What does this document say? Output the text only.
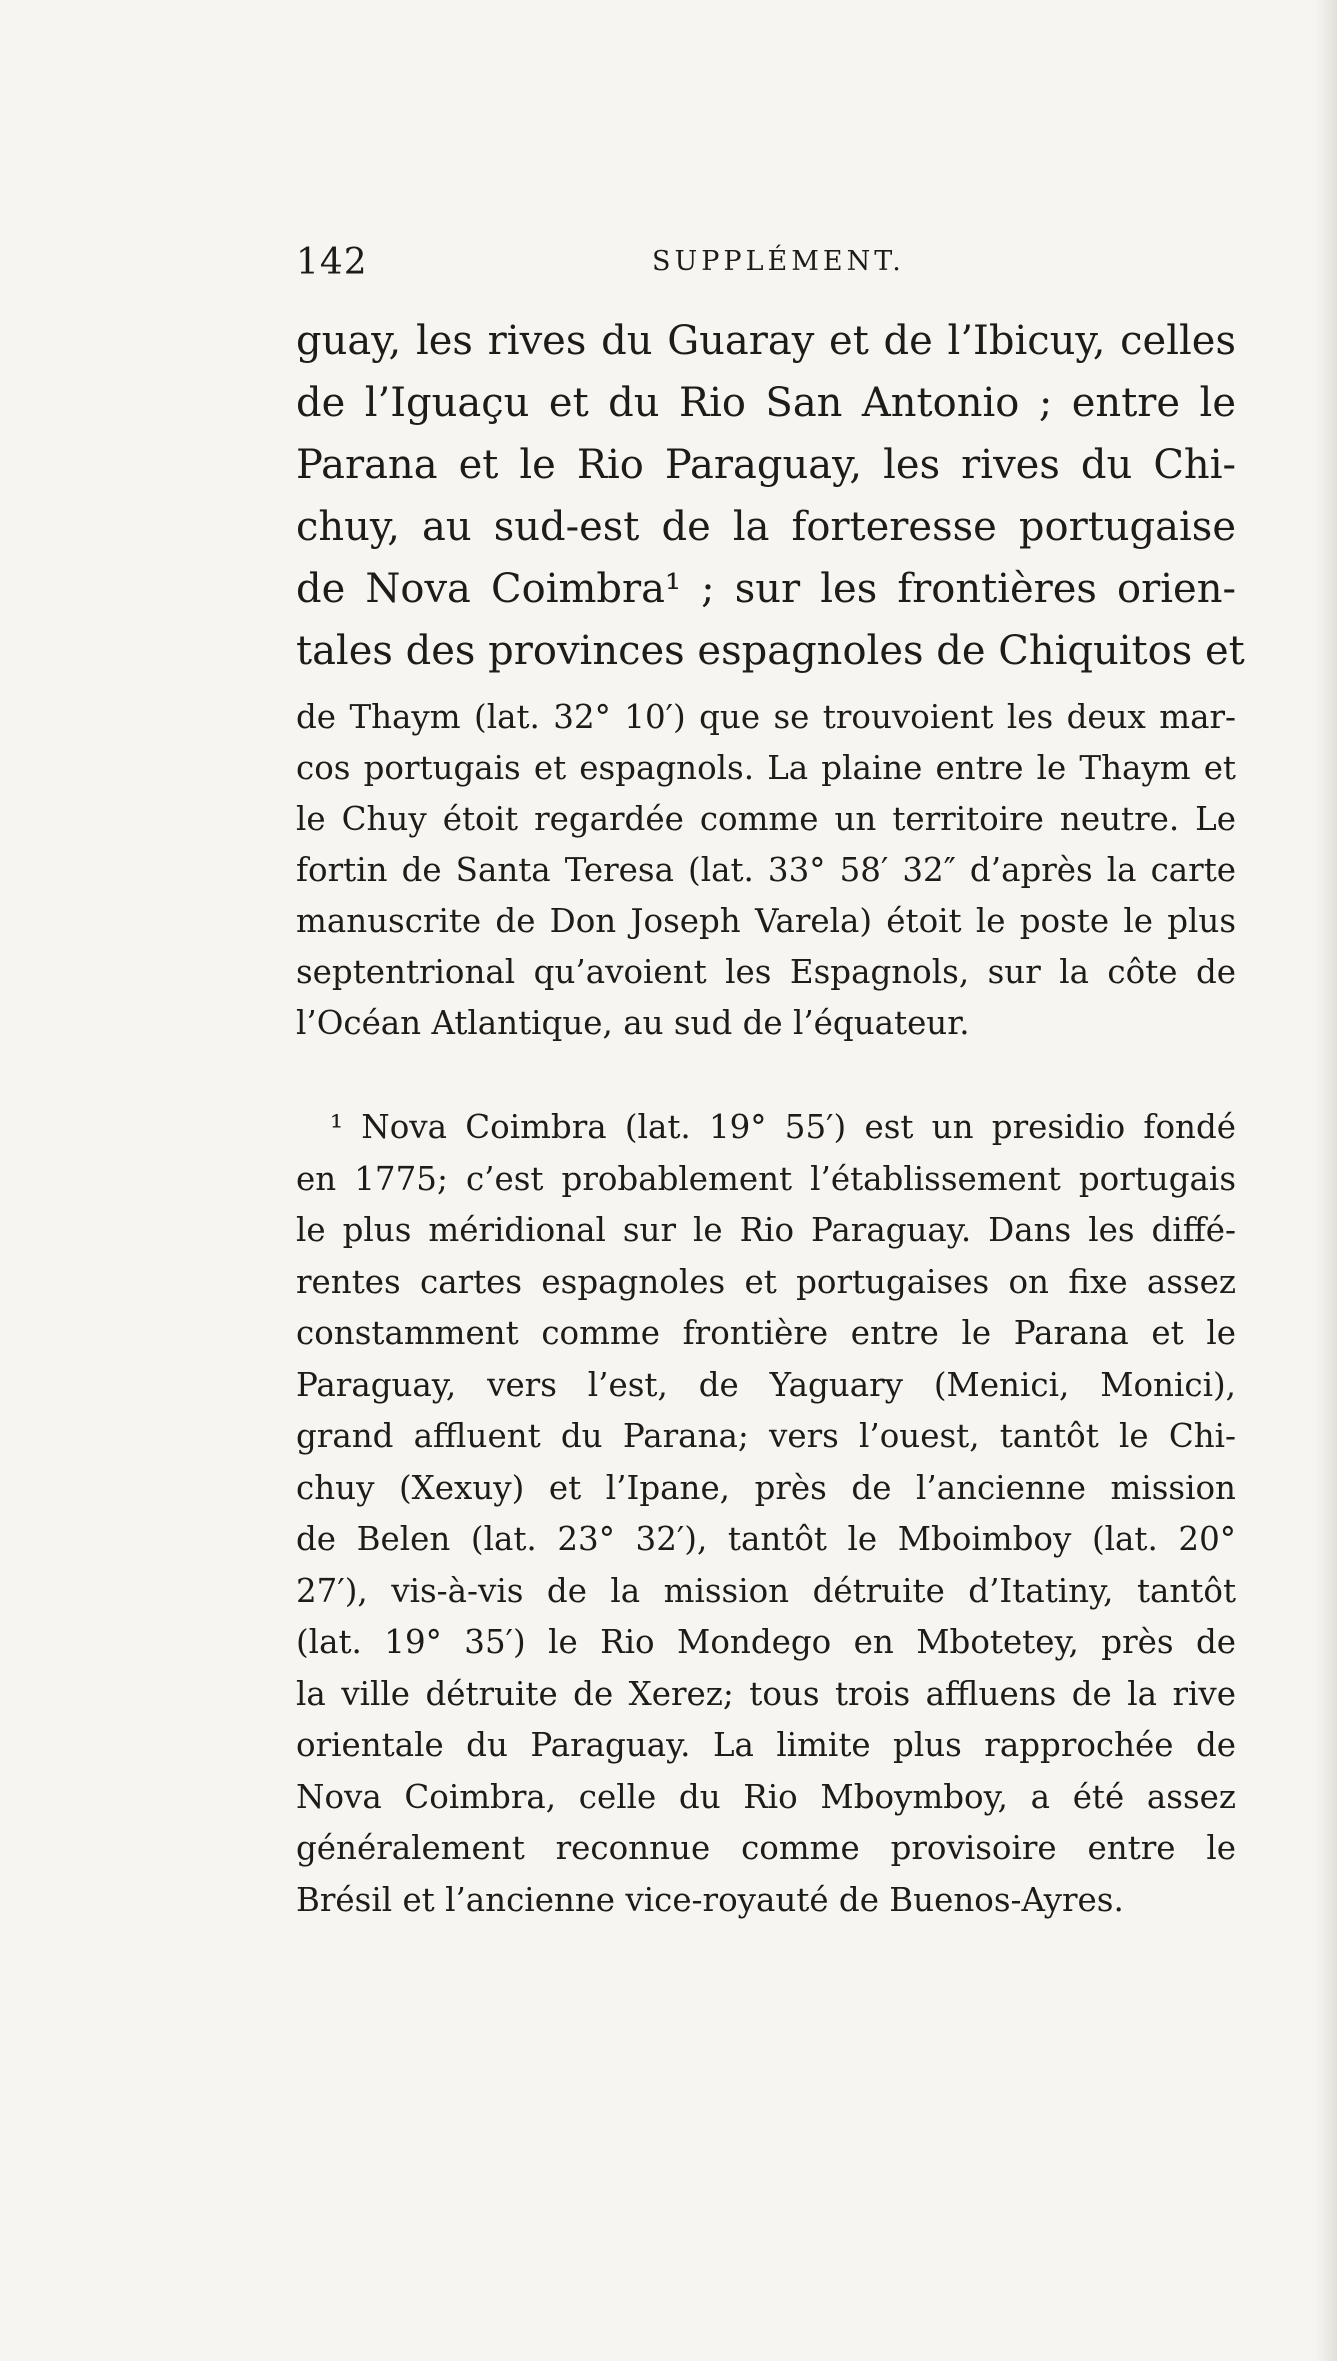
142	SUPPLÉMENT.
guay, les rives du Guaray et de l’Ibicuy, celles
de l’Iguaçu et du Rio San Antonio ; entre le
Parana et le Rio Paraguay, les rives du Chi-
chuy, au sud-est de la forteresse portugaise
de Nova Coimbra¹ ; sur les frontières orien-
tales des provinces espagnoles de Chiquitos et
de Thaym (lat. 32° 10′) que se trouvoient les deux mar-
cos portugais et espagnols. La plaine entre le Thaym et
le Chuy étoit regardée comme un territoire neutre. Le
fortin de Santa Teresa (lat. 33° 58′ 32″ d’après la carte
manuscrite de Don Joseph Varela) étoit le poste le plus
septentrional qu’avoient les Espagnols, sur la côte de
l’Océan Atlantique, au sud de l’équateur.
¹ Nova Coimbra (lat. 19° 55′) est un presidio fondé
en 1775; c’est probablement l’établissement portugais
le plus méridional sur le Rio Paraguay. Dans les diffé-
rentes cartes espagnoles et portugaises on fixe assez
constamment comme frontière entre le Parana et le
Paraguay, vers l’est, de Yaguary (Menici, Monici),
grand affluent du Parana; vers l’ouest, tantôt le Chi-
chuy (Xexuy) et l’Ipane, près de l’ancienne mission
de Belen (lat. 23° 32′), tantôt le Mboimboy (lat. 20°
27′), vis-à-vis de la mission détruite d’Itatiny, tantôt
(lat. 19° 35′) le Rio Mondego en Mbotetey, près de
la ville détruite de Xerez; tous trois affluens de la rive
orientale du Paraguay. La limite plus rapprochée de
Nova Coimbra, celle du Rio Mboymboy, a été assez
généralement reconnue comme provisoire entre le
Brésil et l’ancienne vice-royauté de Buenos-Ayres.
